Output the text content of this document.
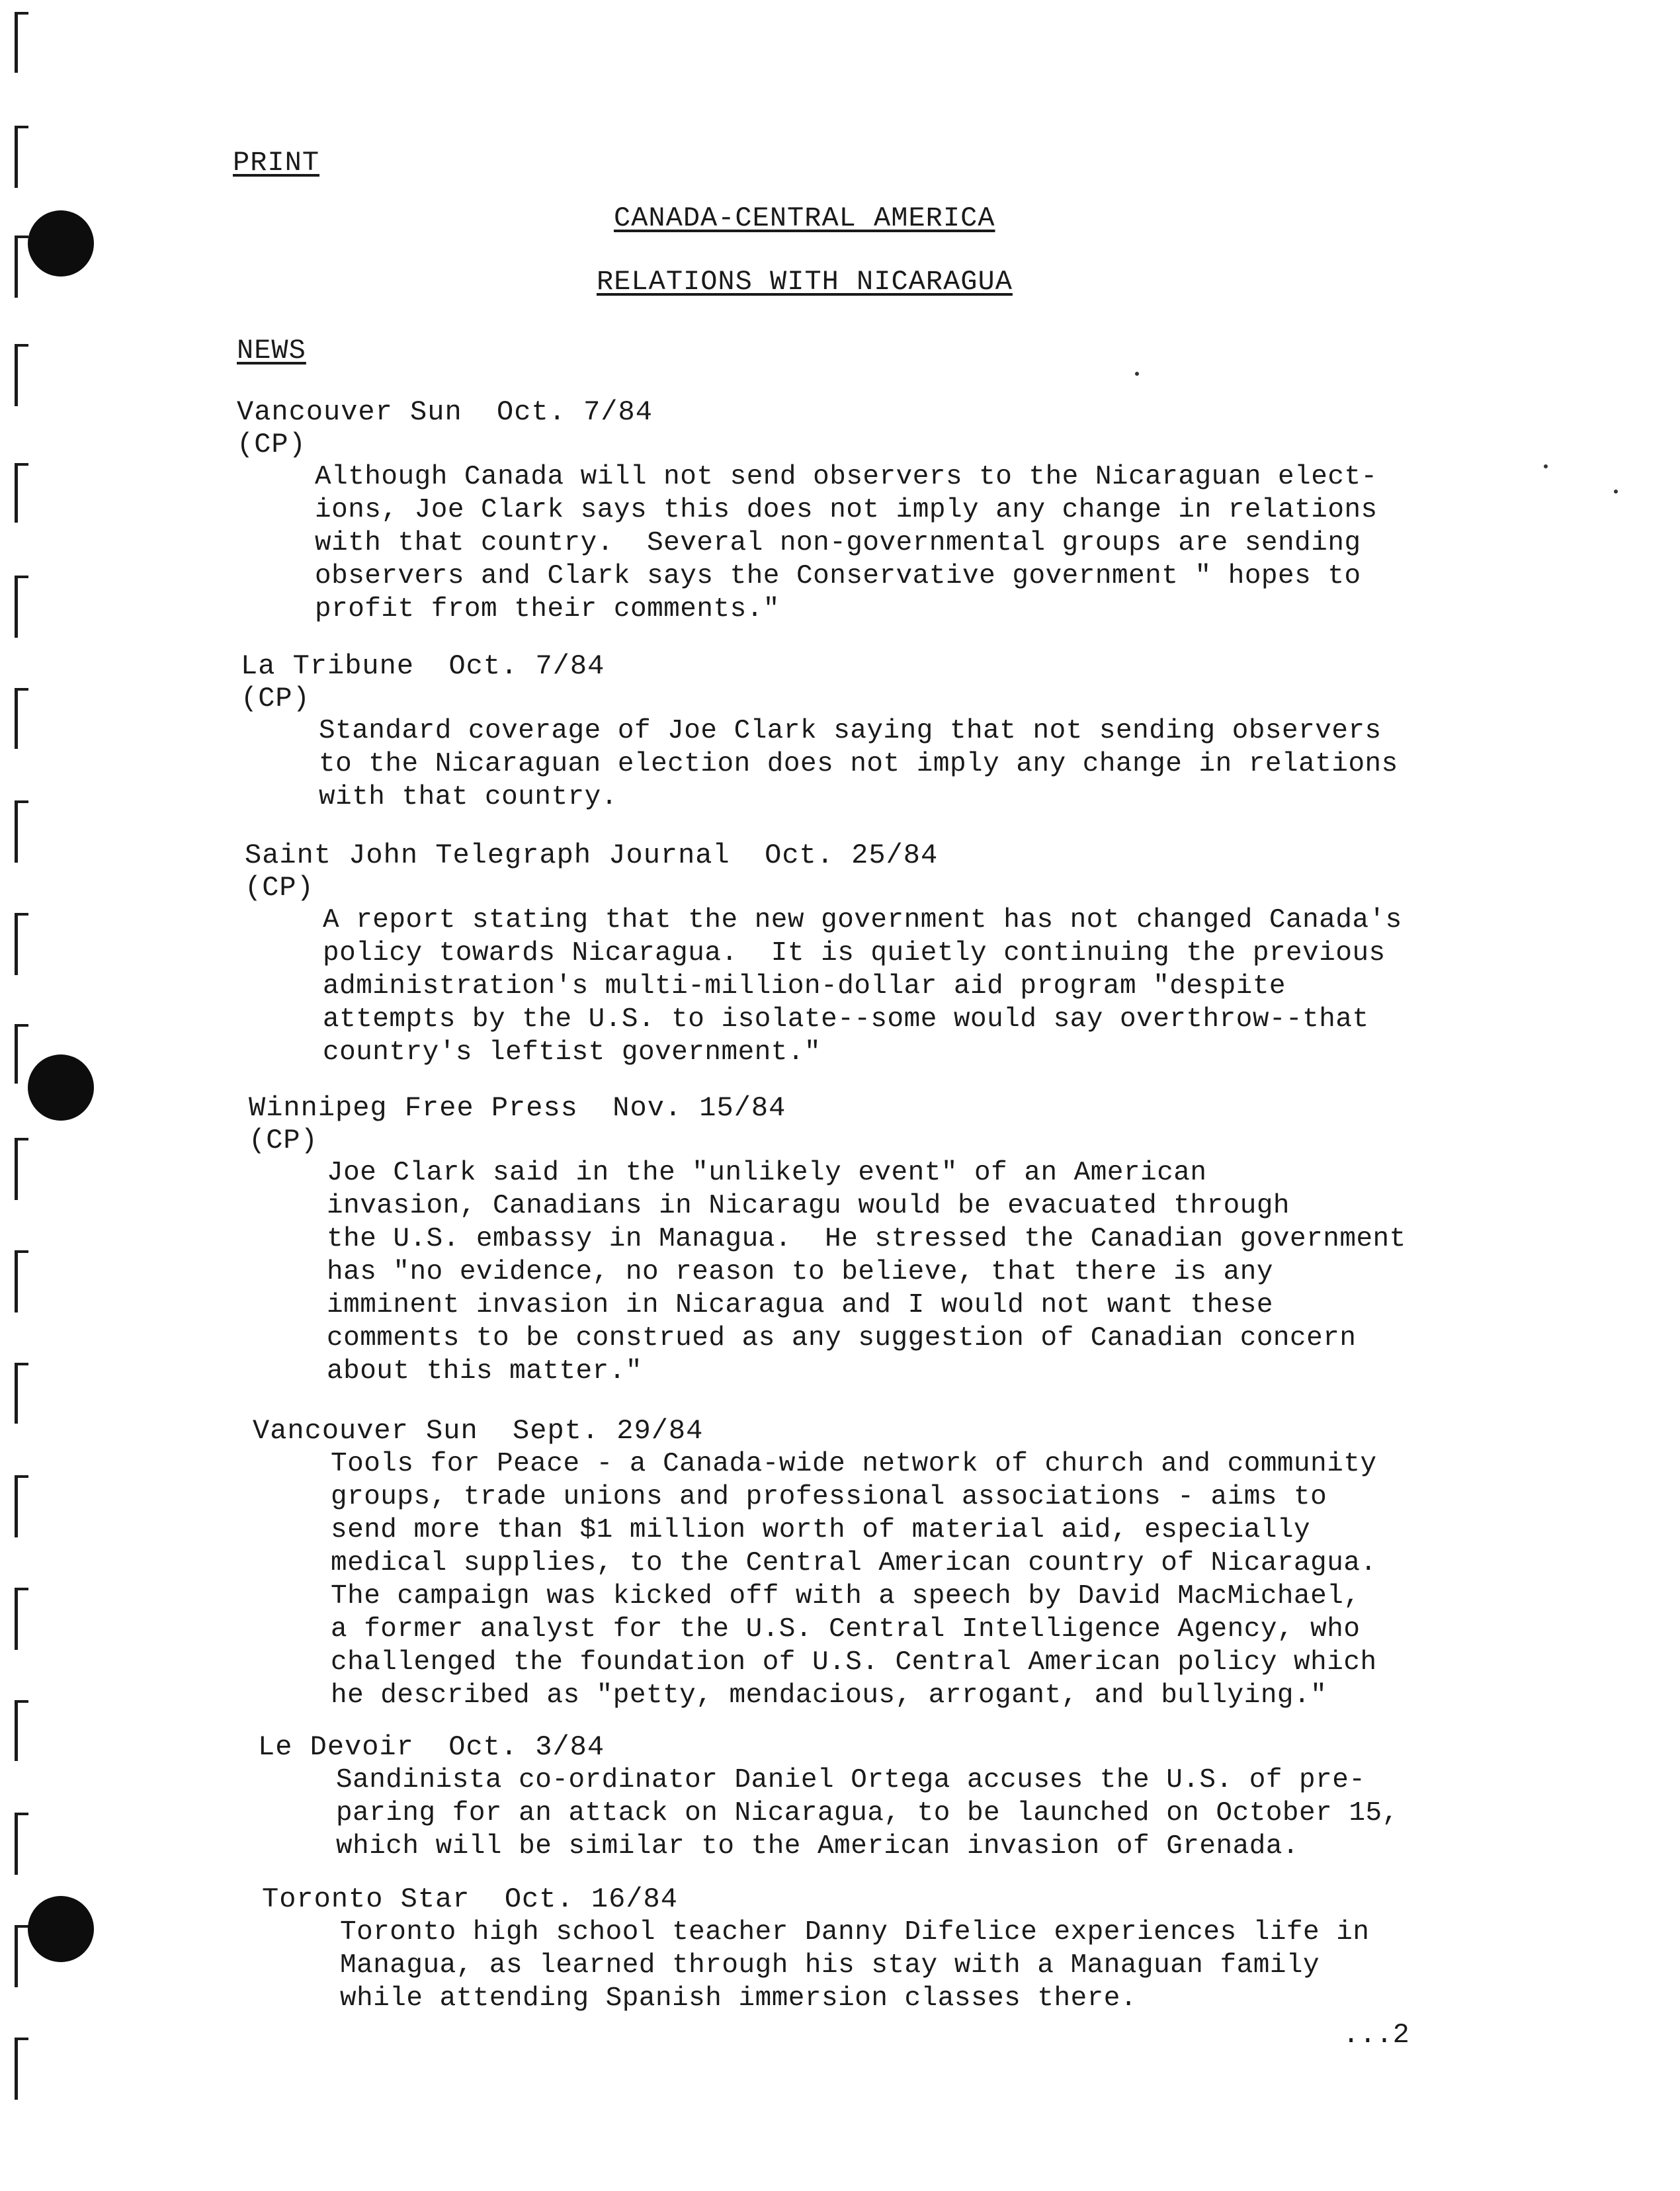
PRINT
CANADA-CENTRAL AMERICA
RELATIONS WITH NICARAGUA
NEWS
Vancouver Sun  Oct. 7/84
(CP)
Although Canada will not send observers to the Nicaraguan elect-
ions, Joe Clark says this does not imply any change in relations
with that country.  Several non-governmental groups are sending
observers and Clark says the Conservative government " hopes to
profit from their comments."
La Tribune  Oct. 7/84
(CP)
Standard coverage of Joe Clark saying that not sending observers
to the Nicaraguan election does not imply any change in relations
with that country.
Saint John Telegraph Journal  Oct. 25/84
(CP)
A report stating that the new government has not changed Canada's
policy towards Nicaragua.  It is quietly continuing the previous
administration's multi-million-dollar aid program "despite
attempts by the U.S. to isolate--some would say overthrow--that
country's leftist government."
Winnipeg Free Press  Nov. 15/84
(CP)
Joe Clark said in the "unlikely event" of an American
invasion, Canadians in Nicaragu would be evacuated through
the U.S. embassy in Managua.  He stressed the Canadian government
has "no evidence, no reason to believe, that there is any
imminent invasion in Nicaragua and I would not want these
comments to be construed as any suggestion of Canadian concern
about this matter."
Vancouver Sun  Sept. 29/84
Tools for Peace - a Canada-wide network of church and community
groups, trade unions and professional associations - aims to
send more than $1 million worth of material aid, especially
medical supplies, to the Central American country of Nicaragua.
The campaign was kicked off with a speech by David MacMichael,
a former analyst for the U.S. Central Intelligence Agency, who
challenged the foundation of U.S. Central American policy which
he described as "petty, mendacious, arrogant, and bullying."
Le Devoir  Oct. 3/84
Sandinista co-ordinator Daniel Ortega accuses the U.S. of pre-
paring for an attack on Nicaragua, to be launched on October 15,
which will be similar to the American invasion of Grenada.
Toronto Star  Oct. 16/84
Toronto high school teacher Danny Difelice experiences life in
Managua, as learned through his stay with a Managuan family
while attending Spanish immersion classes there.
...2
